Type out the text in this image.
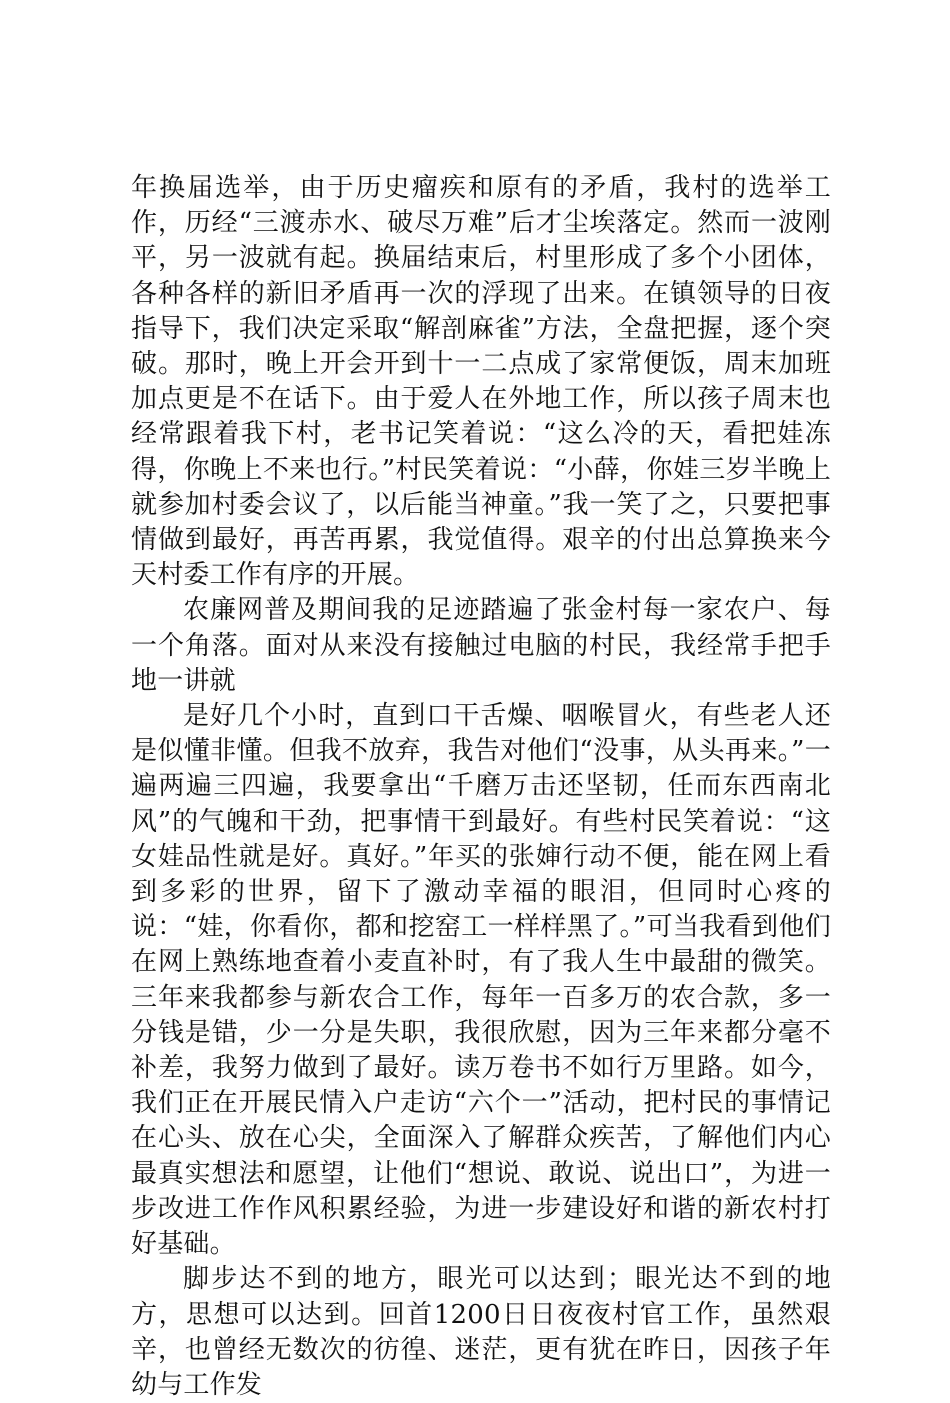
年换届选举，由于历史瘤疾和原有的矛盾，我村的选举工作，历经“三渡赤水、破尽万难”后才尘埃落定。然而一波刚平，另一波就有起。换届结束后，村里形成了多个小团体，各种各样的新旧矛盾再一次的浮现了出来。在镇领导的日夜指导下，我们决定采取“解剖麻雀”方法，全盘把握，逐个突破。那时，晚上开会开到十一二点成了家常便饭，周末加班加点更是不在话下。由于爱人在外地工作，所以孩子周末也经常跟着我下村，老书记笑着说：“这么冷的天，看把娃冻得，你晚上不来也行。”村民笑着说：“小薛，你娃三岁半晚上就参加村委会议了，以后能当神童。”我一笑了之，只要把事情做到最好，再苦再累，我觉值得。艰辛的付出总算换来今天村委工作有序的开展。

农廉网普及期间我的足迹踏遍了张金村每一家农户、每一个角落。面对从来没有接触过电脑的村民，我经常手把手地一讲就

是好几个小时，直到口干舌燥、咽喉冒火，有些老人还是似懂非懂。但我不放弃，我告对他们“没事，从头再来。”一遍两遍三四遍，我要拿出“千磨万击还坚韧，任而东西南北风”的气魄和干劲，把事情干到最好。有些村民笑着说：“这女娃品性就是好。真好。”年买的张婶行动不便，能在网上看到多彩的世界，留下了激动幸福的眼泪，但同时心疼的说：“娃，你看你，都和挖窑工一样样黑了。”可当我看到他们在网上熟练地查着小麦直补时，有了我人生中最甜的微笑。三年来我都参与新农合工作，每年一百多万的农合款，多一分钱是错，少一分是失职，我很欣慰，因为三年来都分毫不补差，我努力做到了最好。读万卷书不如行万里路。如今，我们正在开展民情入户走访“六个一”活动，把村民的事情记在心头、放在心尖，全面深入了解群众疾苦，了解他们内心最真实想法和愿望，让他们“想说、敢说、说出口”，为进一步改进工作作风积累经验，为进一步建设好和谐的新农村打好基础。

脚步达不到的地方，眼光可以达到；眼光达不到的地方，思想可以达到。回首1200日日夜夜村官工作，虽然艰辛，也曾经无数次的彷徨、迷茫，更有犹在昨日，因孩子年幼与工作发
